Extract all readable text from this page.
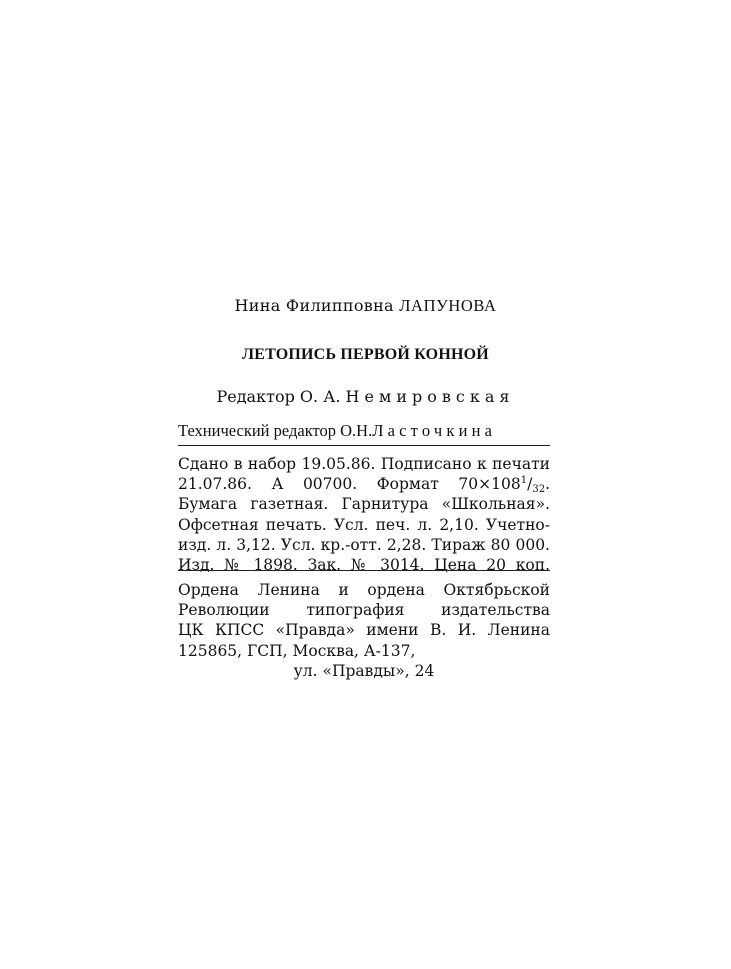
Нина Филипповна ЛАПУНОВА
ЛЕТОПИСЬ ПЕРВОЙ КОННОЙ
Редактор О. А. Немировская
Технический редактор О.Н.Ласточкина
Сдано в набор 19.05.86. Подписано к печати
21.07.86. А 00700. Формат $70\times 108^1/32$.
Бумага газетная. Гарнитура «Школьная».
Офсетная печать. Усл. печ. л. 2,10. Учетно-
изд. л. 3,12. Усл. кр.-отт. 2,28. Тираж 80 000.
Изд. № 1898. Зак. № 3014. Цена 20 коп.
Ордена Ленина и ордена Октябрьской
Революции типография издательства
ЦК КПСС «Правда» имени В. И. Ленина
125865, ГСП, Москва, А-137,
ул. «Правды», 24
